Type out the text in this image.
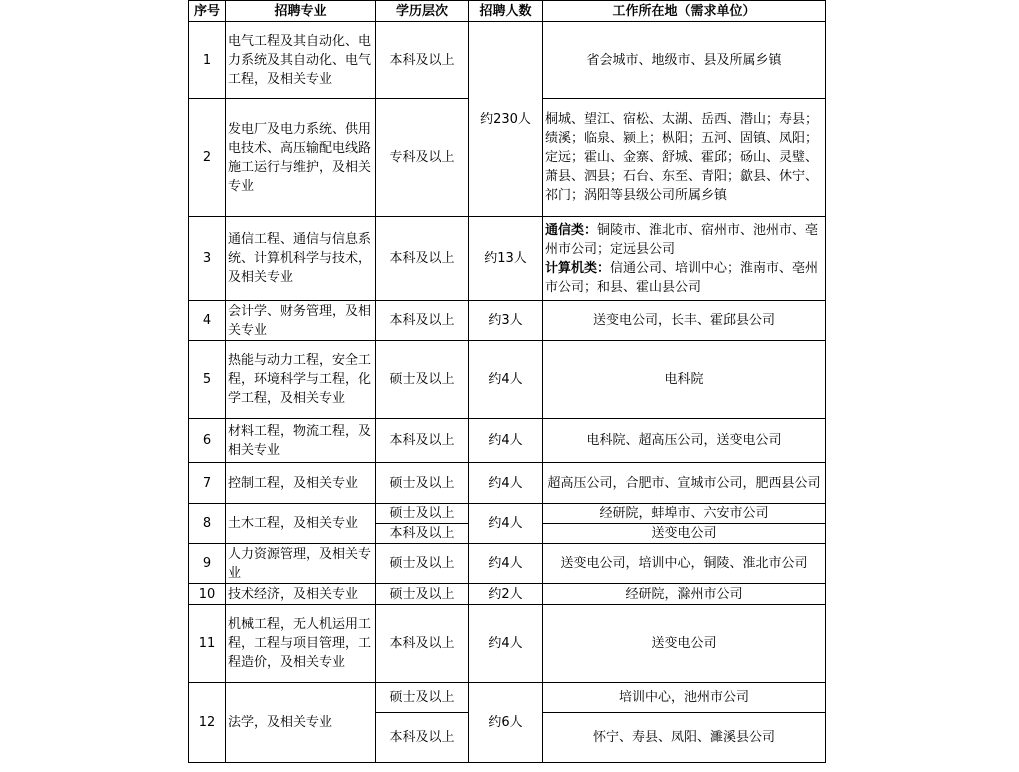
序号	招聘专业	学历层次	招聘人数	工作所在地（需求单位）
1	电气工程及其自动化、电力系统及其自动化、电气工程，及相关专业	本科及以上	约230人	省会城市、地级市、县及所属乡镇
2	发电厂及电力系统、供用电技术、高压输配电线路施工运行与维护，及相关专业	专科及以上		桐城、望江、宿松、太湖、岳西、潜山；寿县；绩溪；临泉、颍上；枞阳；五河、固镇、凤阳；定远；霍山、金寨、舒城、霍邱；砀山、灵璧、萧县、泗县；石台、东至、青阳；歙县、休宁、祁门；涡阳等县级公司所属乡镇
3	通信工程、通信与信息系统、计算机科学与技术，及相关专业	本科及以上	约13人	通信类：铜陵市、淮北市、宿州市、池州市、亳州市公司；定远县公司
计算机类：信通公司、培训中心；淮南市、亳州市公司；和县、霍山县公司
4	会计学、财务管理，及相关专业	本科及以上	约3人	送变电公司，长丰、霍邱县公司
5	热能与动力工程，安全工程，环境科学与工程，化学工程，及相关专业	硕士及以上	约4人	电科院
6	材料工程，物流工程，及相关专业	本科及以上	约4人	电科院、超高压公司，送变电公司
7	控制工程，及相关专业	硕士及以上	约4人	超高压公司，合肥市、宣城市公司，肥西县公司
8	土木工程，及相关专业	硕士及以上	约4人	经研院，蚌埠市、六安市公司
		本科及以上		送变电公司
9	人力资源管理，及相关专业	硕士及以上	约4人	送变电公司，培训中心，铜陵、淮北市公司
10	技术经济，及相关专业	硕士及以上	约2人	经研院，滁州市公司
11	机械工程，无人机运用工程，工程与项目管理，工程造价，及相关专业	本科及以上	约4人	送变电公司
12	法学，及相关专业	硕士及以上	约6人	培训中心，池州市公司
		本科及以上		怀宁、寿县、凤阳、濉溪县公司
